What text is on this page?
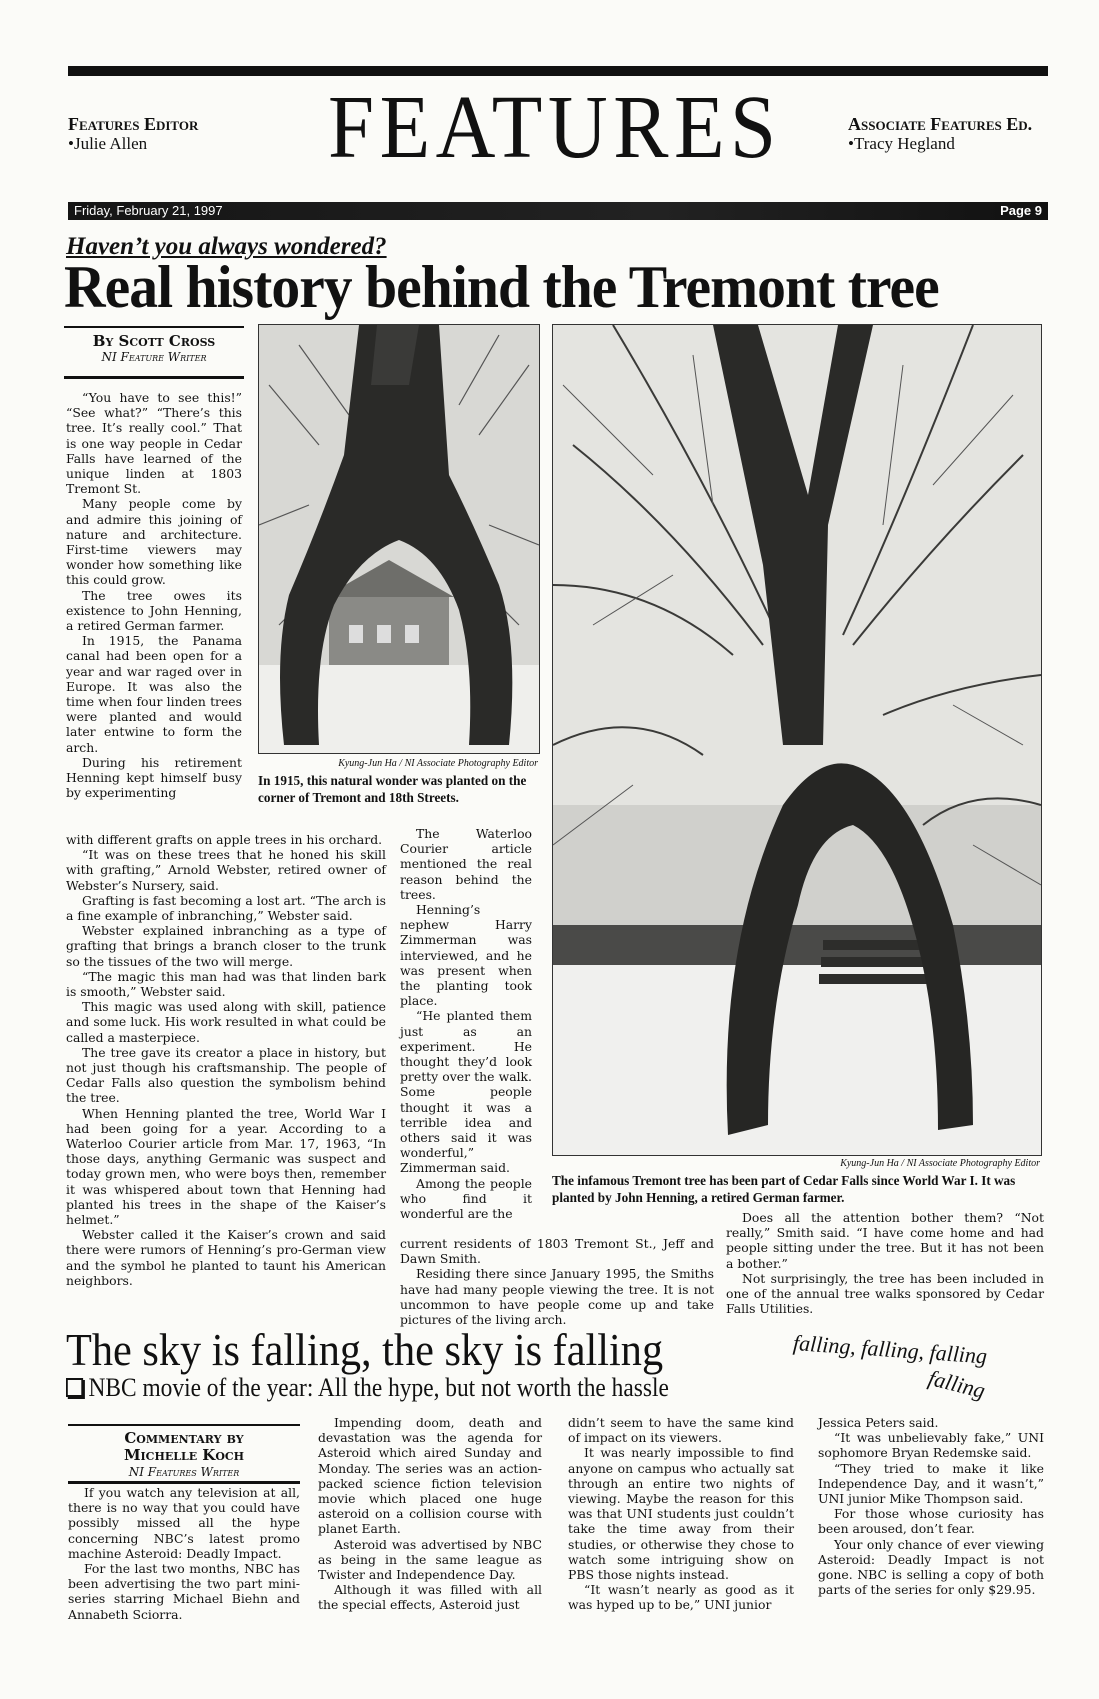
Features Editor
•Julie Allen	FEATURES	Associate Features Ed.
•Tracy Hegland
Friday, February 21, 1997	Page 9
Haven’t you always wondered?
Real history behind the Tremont tree
By Scott Cross
NI Feature Writer

“You have to see this!” “See what?” “There’s this tree. It’s really cool.” That is one way people in Cedar Falls have learned of the unique linden at 1803 Tremont St.

Many people come by and admire this joining of nature and architecture. First-time viewers may wonder how something like this could grow.

The tree owes its existence to John Henning, a retired German farmer.

In 1915, the Panama canal had been open for a year and war raged over in Europe. It was also the time when four linden trees were planted and would later entwine to form the arch.

During his retirement Henning kept himself busy by experimenting

Kyung-Jun Ha / NI Associate Photography Editor
In 1915, this natural wonder was planted on the corner of Tremont and 18th Streets.

with different grafts on apple trees in his orchard.

“It was on these trees that he honed his skill with grafting,” Arnold Webster, retired owner of Webster’s Nursery, said.

Grafting is fast becoming a lost art. “The arch is a fine example of inbranching,” Webster said.

Webster explained inbranching as a type of grafting that brings a branch closer to the trunk so the tissues of the two will merge.

“The magic this man had was that linden bark is smooth,” Webster said.

This magic was used along with skill, patience and some luck. His work resulted in what could be called a masterpiece.

The tree gave its creator a place in history, but not just though his craftsmanship. The people of Cedar Falls also question the symbolism behind the tree.

When Henning planted the tree, World War I had been going for a year. According to a Waterloo Courier article from Mar. 17, 1963, “In those days, anything Germanic was suspect and today grown men, who were boys then, remember it was whispered about town that Henning had planted his trees in the shape of the Kaiser’s helmet.”

Webster called it the Kaiser’s crown and said there were rumors of Henning’s pro-German view and the symbol he planted to taunt his American neighbors.

The Waterloo Courier article mentioned the real reason behind the trees.

Henning’s nephew Harry Zimmerman was interviewed, and he was present when the planting took place.

“He planted them just as an experiment. He thought they’d look pretty over the walk. Some people thought it was a terrible idea and others said it was wonderful,” Zimmerman said.

Among the people who find it wonderful are the

current residents of 1803 Tremont St., Jeff and Dawn Smith.

Residing there since January 1995, the Smiths have had many people viewing the tree. It is not uncommon to have people come up and take pictures of the living arch.

Kyung-Jun Ha / NI Associate Photography Editor
The infamous Tremont tree has been part of Cedar Falls since World War I. It was planted by John Henning, a retired German farmer.

Does all the attention bother them? “Not really,” Smith said. “I have come home and had people sitting under the tree. But it has not been a bother.”

Not surprisingly, the tree has been included in one of the annual tree walks sponsored by Cedar Falls Utilities.

The sky is falling, the sky is falling	falling, falling, falling
falling
NBC movie of the year: All the hype, but not worth the hassle
Commentary by
Michelle Koch
NI Features Writer

If you watch any television at all, there is no way that you could have possibly missed all the hype concerning NBC’s latest promo machine Asteroid: Deadly Impact.

For the last two months, NBC has been advertising the two part mini-series starring Michael Biehn and Annabeth Sciorra.

Impending doom, death and devastation was the agenda for Asteroid which aired Sunday and Monday. The series was an action-packed science fiction television movie which placed one huge asteroid on a collision course with planet Earth.

Asteroid was advertised by NBC as being in the same league as Twister and Independence Day.

Although it was filled with all the special effects, Asteroid just

didn’t seem to have the same kind of impact on its viewers.

It was nearly impossible to find anyone on campus who actually sat through an entire two nights of viewing. Maybe the reason for this was that UNI students just couldn’t take the time away from their studies, or otherwise they chose to watch some intriguing show on PBS those nights instead.

“It wasn’t nearly as good as it was hyped up to be,” UNI junior

Jessica Peters said.

“It was unbelievably fake,” UNI sophomore Bryan Redemske said.

“They tried to make it like Independence Day, and it wasn’t,” UNI junior Mike Thompson said.

For those whose curiosity has been aroused, don’t fear.

Your only chance of ever viewing Asteroid: Deadly Impact is not gone. NBC is selling a copy of both parts of the series for only $29.95.
